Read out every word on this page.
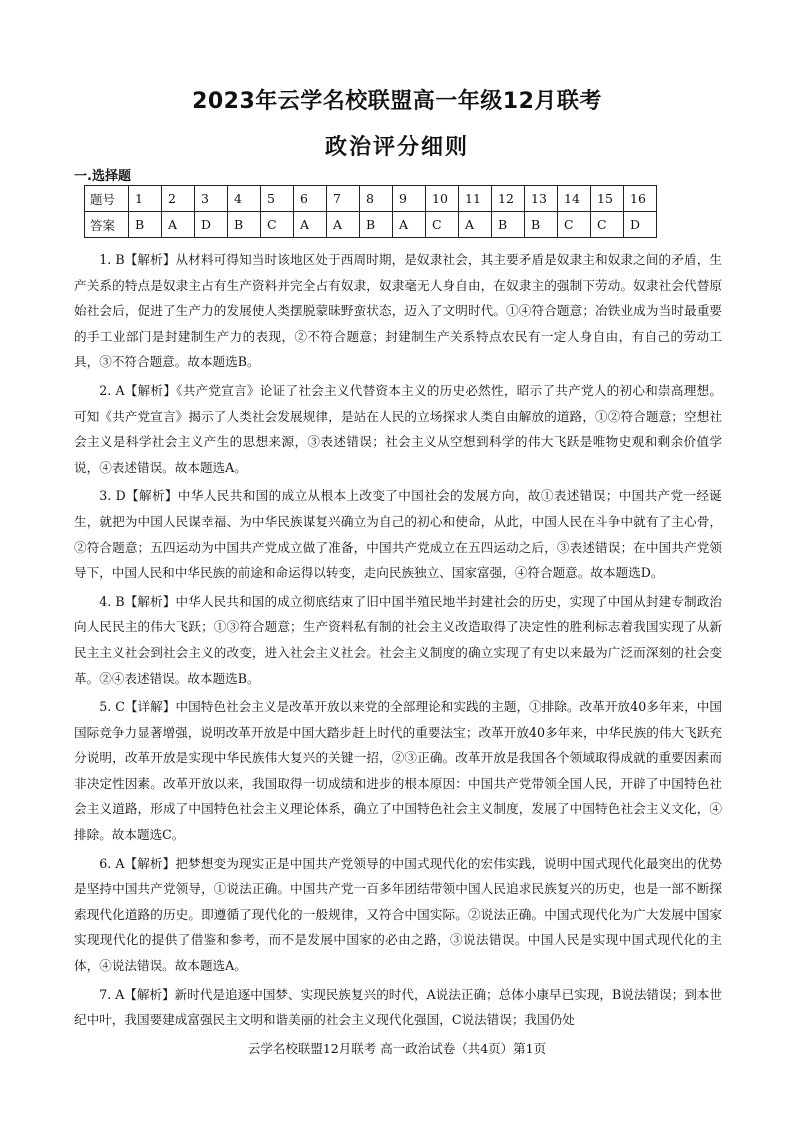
2023年云学名校联盟高一年级12月联考
政治评分细则
一.选择题
题号	1	2	3	4	5	6	7	8	9	10	11	12	13	14	15	16
答案	B	A	D	B	C	A	A	B	A	C	A	B	B	C	C	D

1. B【解析】从材料可得知当时该地区处于西周时期，是奴隶社会，其主要矛盾是奴隶主和奴隶之间的矛盾，生产关系的特点是奴隶主占有生产资料并完全占有奴隶，奴隶毫无人身自由，在奴隶主的强制下劳动。奴隶社会代替原始社会后，促进了生产力的发展使人类摆脱蒙昧野蛮状态，迈入了文明时代。①④符合题意；冶铁业成为当时最重要的手工业部门是封建制生产力的表现，②不符合题意；封建制生产关系特点农民有一定人身自由，有自己的劳动工具，③不符合题意。故本题选B。

2. A【解析】《共产党宣言》论证了社会主义代替资本主义的历史必然性，昭示了共产党人的初心和崇高理想。可知《共产党宣言》揭示了人类社会发展规律，是站在人民的立场探求人类自由解放的道路，①②符合题意；空想社会主义是科学社会主义产生的思想来源，③表述错误；社会主义从空想到科学的伟大飞跃是唯物史观和剩余价值学说，④表述错误。故本题选A。

3. D【解析】中华人民共和国的成立从根本上改变了中国社会的发展方向，故①表述错误；中国共产党一经诞生，就把为中国人民谋幸福、为中华民族谋复兴确立为自己的初心和使命，从此，中国人民在斗争中就有了主心骨，②符合题意；五四运动为中国共产党成立做了准备，中国共产党成立在五四运动之后，③表述错误；在中国共产党领导下，中国人民和中华民族的前途和命运得以转变，走向民族独立、国家富强，④符合题意。故本题选D。

4. B【解析】中华人民共和国的成立彻底结束了旧中国半殖民地半封建社会的历史，实现了中国从封建专制政治向人民民主的伟大飞跃；①③符合题意；生产资料私有制的社会主义改造取得了决定性的胜利标志着我国实现了从新民主主义社会到社会主义的改变，进入社会主义社会。社会主义制度的确立实现了有史以来最为广泛而深刻的社会变革。②④表述错误。故本题选B。

5. C【详解】中国特色社会主义是改革开放以来党的全部理论和实践的主题，①排除。改革开放40多年来，中国国际竞争力显著增强，说明改革开放是中国大踏步赶上时代的重要法宝；改革开放40多年来，中华民族的伟大飞跃充分说明，改革开放是实现中华民族伟大复兴的关键一招，②③正确。改革开放是我国各个领域取得成就的重要因素而非决定性因素。改革开放以来，我国取得一切成绩和进步的根本原因：中国共产党带领全国人民，开辟了中国特色社会主义道路，形成了中国特色社会主义理论体系，确立了中国特色社会主义制度，发展了中国特色社会主义文化，④排除。故本题选C。

6. A【解析】把梦想变为现实正是中国共产党领导的中国式现代化的宏伟实践，说明中国式现代化最突出的优势是坚持中国共产党领导，①说法正确。中国共产党一百多年团结带领中国人民追求民族复兴的历史，也是一部不断探索现代化道路的历史。即遵循了现代化的一般规律，又符合中国实际。②说法正确。中国式现代化为广大发展中国家实现现代化的提供了借鉴和参考，而不是发展中国家的必由之路，③说法错误。中国人民是实现中国式现代化的主体，④说法错误。故本题选A。

7. A【解析】新时代是追逐中国梦、实现民族复兴的时代，A说法正确；总体小康早已实现，B说法错误；到本世纪中叶，我国要建成富强民主文明和谐美丽的社会主义现代化强国，C说法错误；我国仍处

云学名校联盟12月联考 高一政治试卷（共4页）第1页
